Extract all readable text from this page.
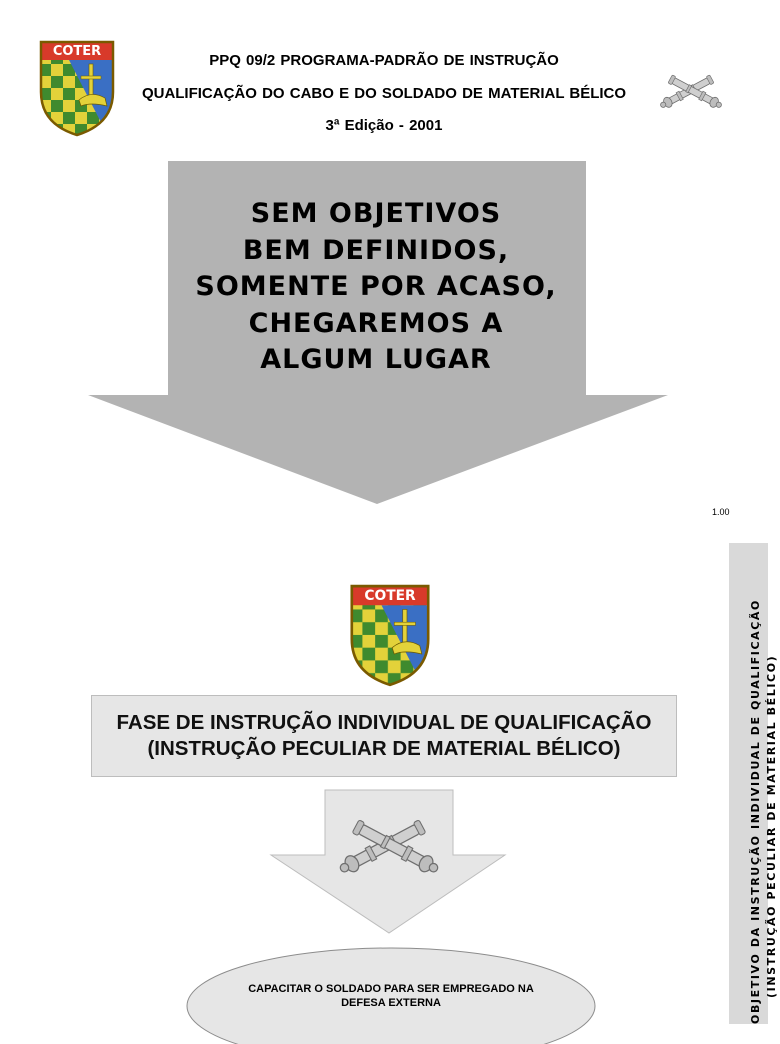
COTER
PPQ 09/2 PROGRAMA-PADRÃO DE INSTRUÇÃO
QUALIFICAÇÃO DO CABO E DO SOLDADO DE MATERIAL BÉLICO
3ª Edição - 2001
SEM OBJETIVOS
BEM DEFINIDOS,
SOMENTE POR ACASO,
CHEGAREMOS A
ALGUM LUGAR
1.00
COTER
FASE DE INSTRUÇÃO INDIVIDUAL DE QUALIFICAÇÃO
(INSTRUÇÃO PECULIAR DE MATERIAL BÉLICO)
CAPACITAR O SOLDADO PARA SER EMPREGADO NA
DEFESA EXTERNA	OBJETIVO DA INSTRUÇÃO INDIVIDUAL DE QUALIFICAÇÃO (INSTRUÇÃO PECULIAR DE MATERIAL BÉLICO)
